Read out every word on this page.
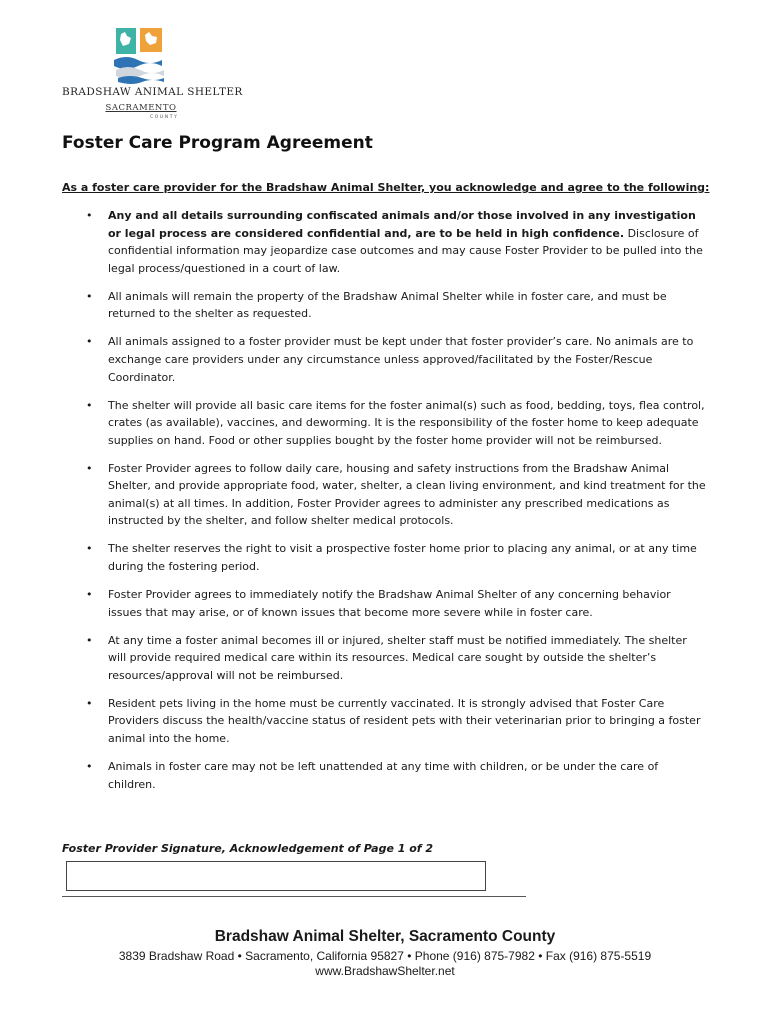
BRADSHAW ANIMAL SHELTER
SACRAMENTO
COUNTY
Foster Care Program Agreement
As a foster care provider for the Bradshaw Animal Shelter, you acknowledge and agree to the following:
• Any and all details surrounding confiscated animals and/or those involved in any investigation or legal process are considered confidential and, are to be held in high confidence. Disclosure of confidential information may jeopardize case outcomes and may cause Foster Provider to be pulled into the legal process/questioned in a court of law.
• All animals will remain the property of the Bradshaw Animal Shelter while in foster care, and must be returned to the shelter as requested.
• All animals assigned to a foster provider must be kept under that foster provider’s care. No animals are to exchange care providers under any circumstance unless approved/facilitated by the Foster/Rescue Coordinator.
• The shelter will provide all basic care items for the foster animal(s) such as food, bedding, toys, flea control, crates (as available), vaccines, and deworming. It is the responsibility of the foster home to keep adequate supplies on hand. Food or other supplies bought by the foster home provider will not be reimbursed.
• Foster Provider agrees to follow daily care, housing and safety instructions from the Bradshaw Animal Shelter, and provide appropriate food, water, shelter, a clean living environment, and kind treatment for the animal(s) at all times. In addition, Foster Provider agrees to administer any prescribed medications as instructed by the shelter, and follow shelter medical protocols.
• The shelter reserves the right to visit a prospective foster home prior to placing any animal, or at any time during the fostering period.
• Foster Provider agrees to immediately notify the Bradshaw Animal Shelter of any concerning behavior issues that may arise, or of known issues that become more severe while in foster care.
• At any time a foster animal becomes ill or injured, shelter staff must be notified immediately. The shelter will provide required medical care within its resources. Medical care sought by outside the shelter’s resources/approval will not be reimbursed.
• Resident pets living in the home must be currently vaccinated. It is strongly advised that Foster Care Providers discuss the health/vaccine status of resident pets with their veterinarian prior to bringing a foster animal into the home.
• Animals in foster care may not be left unattended at any time with children, or be under the care of children.
Foster Provider Signature, Acknowledgement of Page 1 of 2
Bradshaw Animal Shelter, Sacramento County
3839 Bradshaw Road • Sacramento, California 95827 • Phone (916) 875-7982 • Fax (916) 875-5519
www.BradshawShelter.net
